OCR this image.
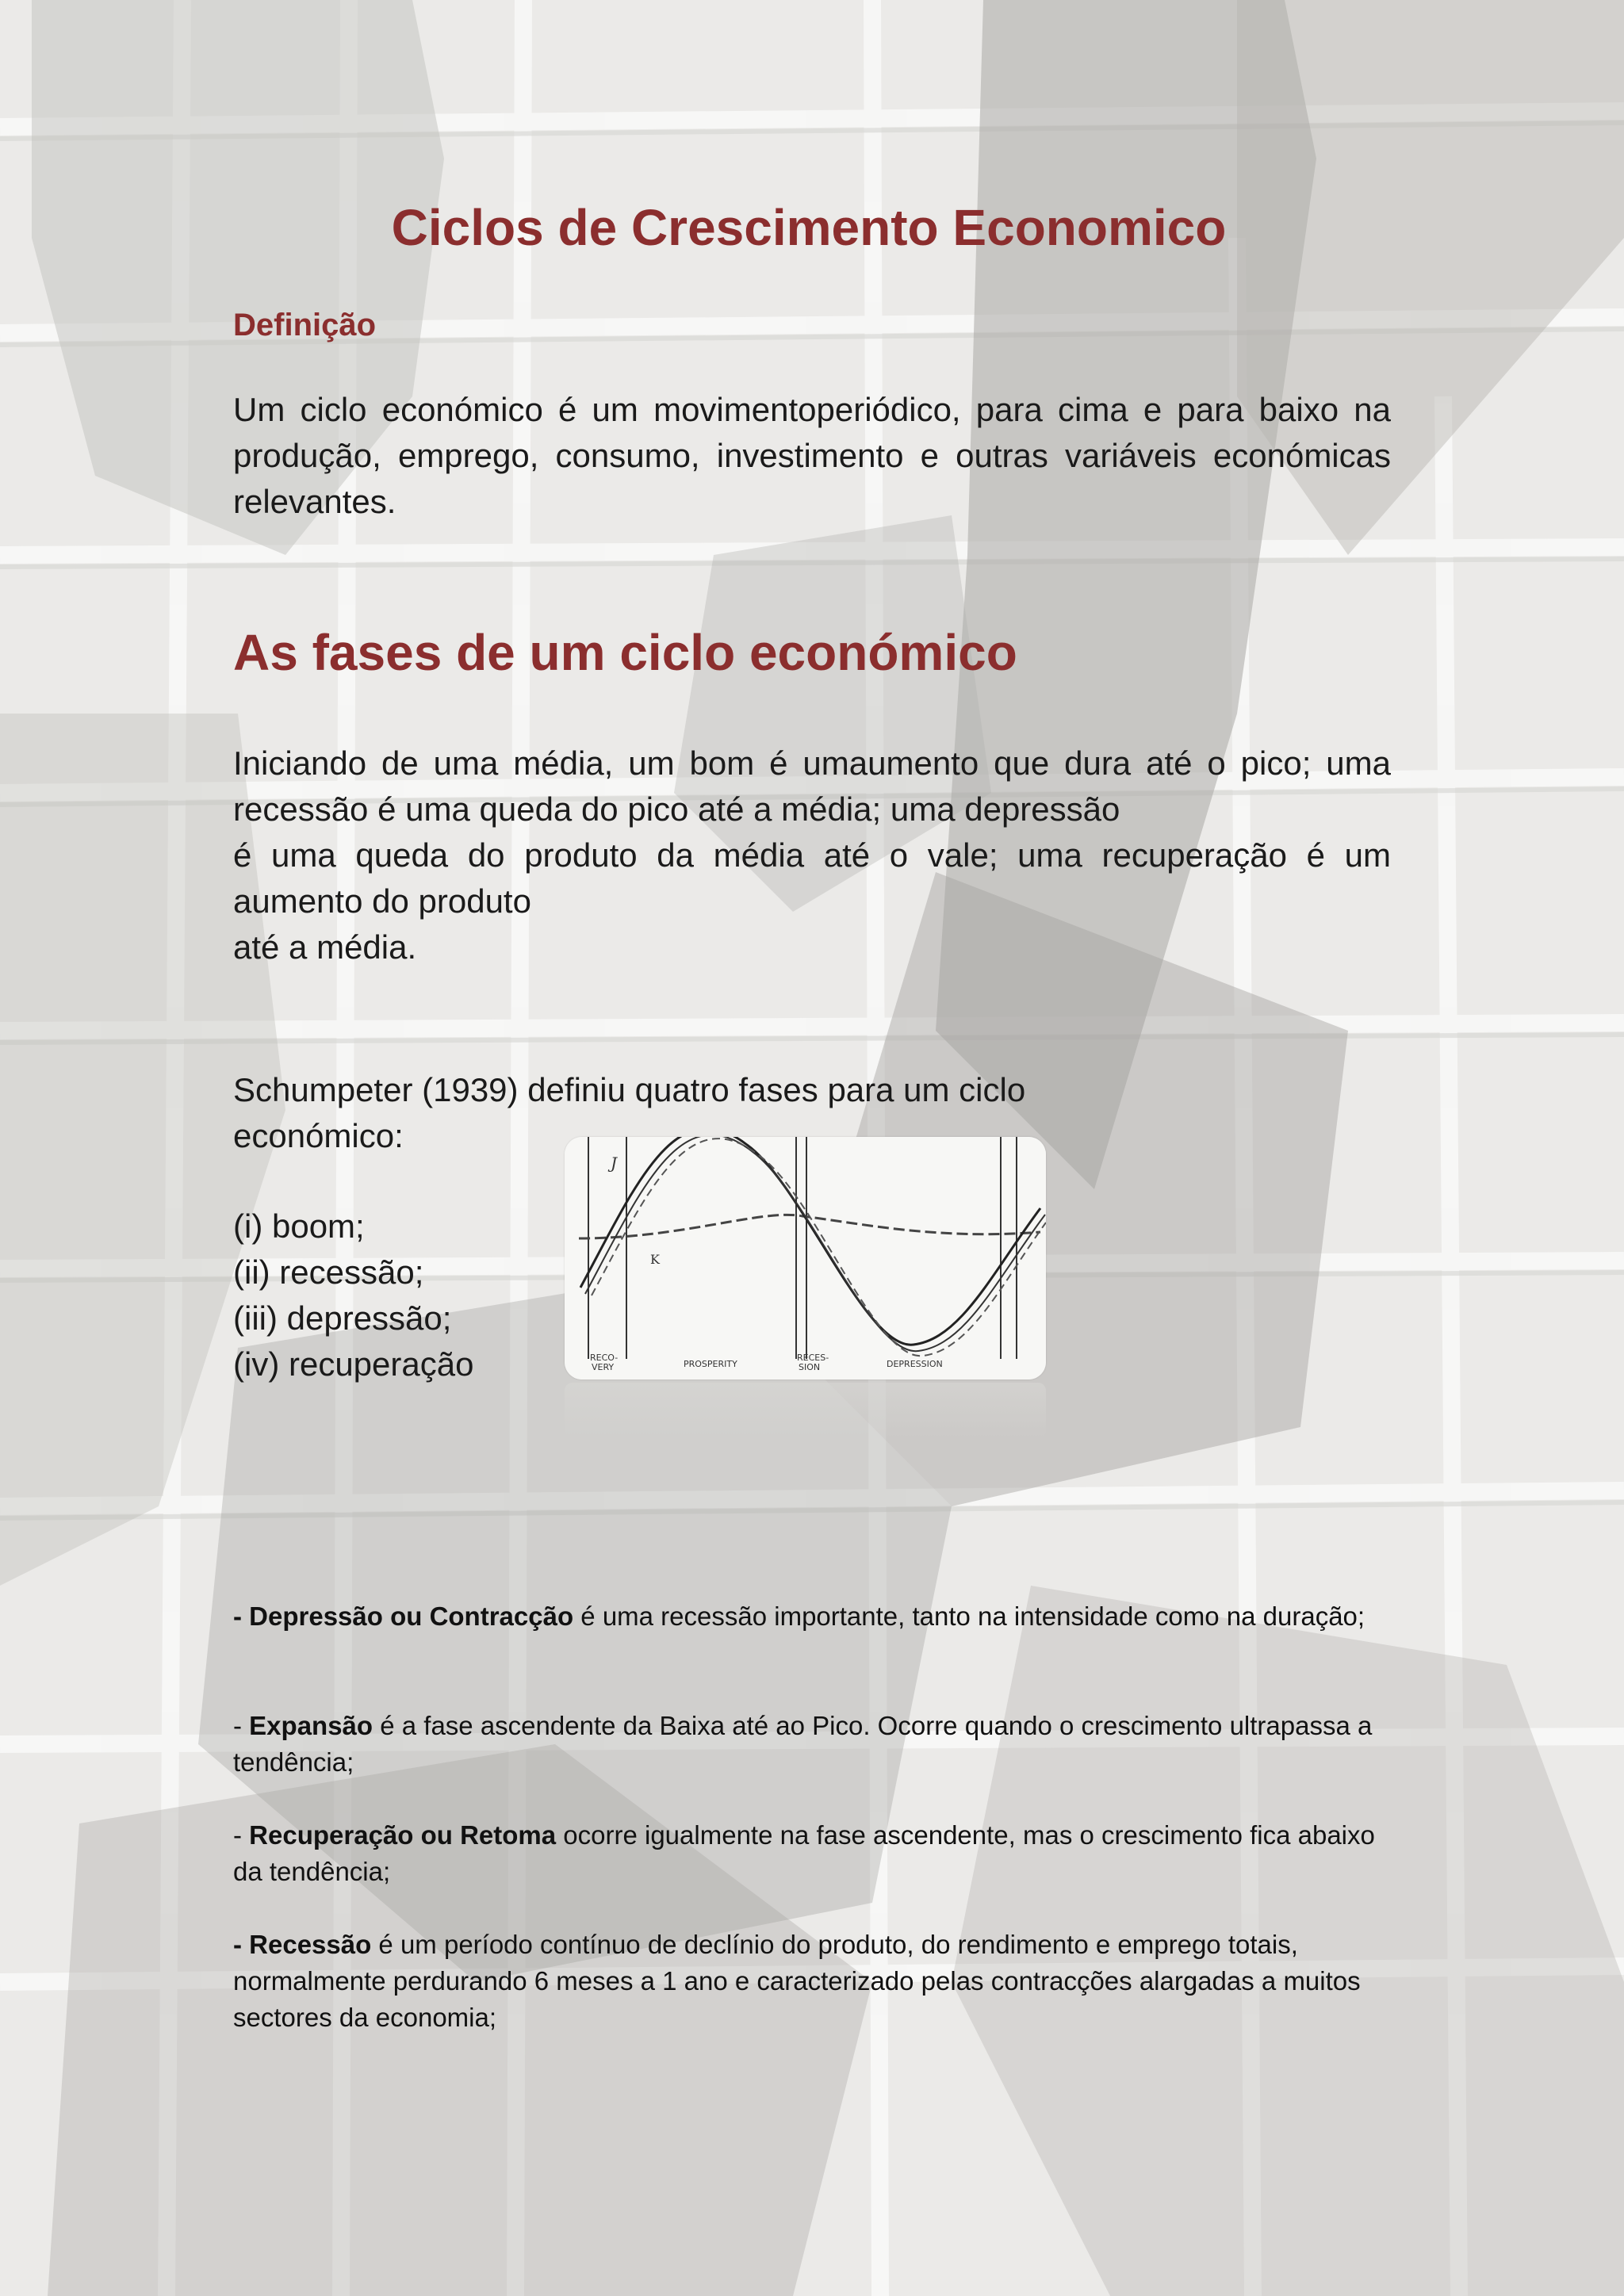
Ciclos de Crescimento Economico
Definição

Um ciclo económico é um movimentoperiódico, para cima e para baixo na produção, emprego, consumo, investimento e outras variáveis económicas relevantes.

As fases de um ciclo económico
Iniciando de uma média, um bom é umaumento que dura até o pico; uma recessão é uma queda do pico até a média; uma depressão
é uma queda do produto da média até o vale; uma recuperação é um aumento do produto
até a média.

Schumpeter (1939) definiu quatro fases para um ciclo económico:

(i) boom;
(ii) recessão;
(iii) depressão;
(iv) recuperação
J
K
RECO-
VERY	PROSPERITY
RECES-
SION	DEPRESSION

- Depressão ou Contracção é uma recessão importante, tanto na intensidade como na duração;

- Expansão é a fase ascendente da Baixa até ao Pico. Ocorre quando o crescimento ultrapassa a tendência;

- Recuperação ou Retoma ocorre igualmente na fase ascendente, mas o crescimento fica abaixo da tendência;

- Recessão é um período contínuo de declínio do produto, do rendimento e emprego totais, normalmente perdurando 6 meses a 1 ano e caracterizado pelas contracções alargadas a muitos sectores da economia;
